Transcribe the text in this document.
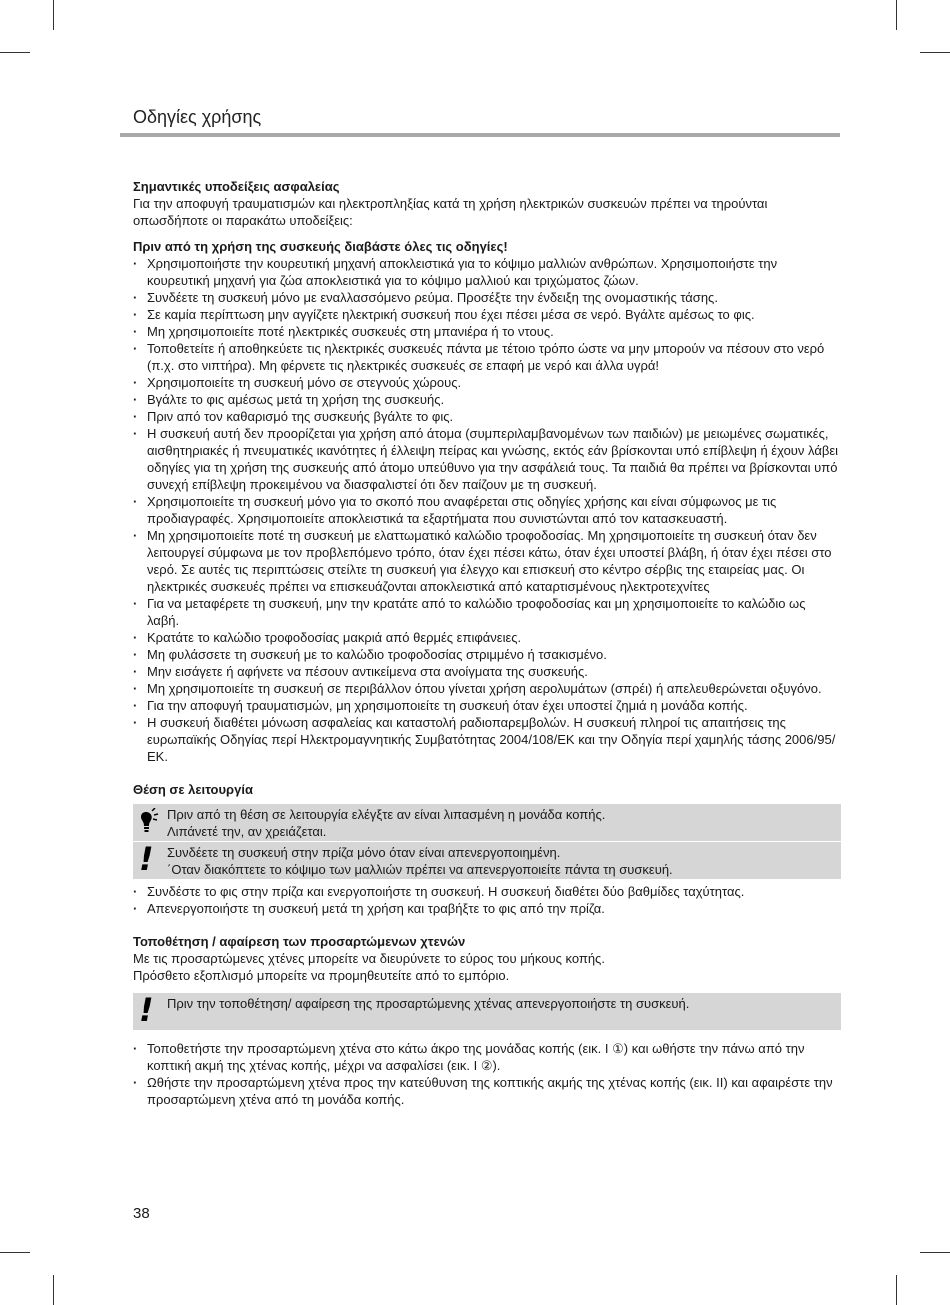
Οδηγίες χρήσης

Σημαντικές υποδείξεις ασφαλείας

Για την αποφυγή τραυματισμών και ηλεκτροπληξίας κατά τη χρήση ηλεκτρικών συσκευών πρέπει να τηρούνται οπωσδήποτε οι παρακάτω υποδείξεις:

Πριν από τη χρήση της συσκευής διαβάστε όλες τις οδηγίες!

· Χρησιμοποιήστε την κουρευτική μηχανή αποκλειστικά για το κόψιμο μαλλιών ανθρώπων. Χρησιμοποιήστε την κουρευτική μηχανή για ζώα αποκλειστικά για το κόψιμο μαλλιού και τριχώματος ζώων.
· Συνδέετε τη συσκευή μόνο με εναλλασσόμενο ρεύμα. Προσέξτε την ένδειξη της ονομαστικής τάσης.
· Σε καμία περίπτωση μην αγγίζετε ηλεκτρική συσκευή που έχει πέσει μέσα σε νερό. Βγάλτε αμέσως το φις.
· Μη χρησιμοποιείτε ποτέ ηλεκτρικές συσκευές στη μπανιέρα ή το ντους.
· Τοποθετείτε ή αποθηκεύετε τις ηλεκτρικές συσκευές πάντα με τέτοιο τρόπο ώστε να μην μπορούν να πέσουν στο νερό (π.χ. στο νιπτήρα). Μη φέρνετε τις ηλεκτρικές συσκευές σε επαφή με νερό και άλλα υγρά!
· Χρησιμοποιείτε τη συσκευή μόνο σε στεγνούς χώρους.
· Βγάλτε το φις αμέσως μετά τη χρήση της συσκευής.
· Πριν από τον καθαρισμό της συσκευής βγάλτε το φις.
· Η συσκευή αυτή δεν προορίζεται για χρήση από άτομα (συμπεριλαμβανομένων των παιδιών) με μειωμένες σωματικές, αισθητηριακές ή πνευματικές ικανότητες ή έλλειψη πείρας και γνώσης, εκτός εάν βρίσκονται υπό επίβλεψη ή έχουν λάβει οδηγίες για τη χρήση της συσκευής από άτομο υπεύθυνο για την ασφάλειά τους. Τα παιδιά θα πρέπει να βρίσκονται υπό συνεχή επίβλεψη προκειμένου να διασφαλιστεί ότι δεν παίζουν με τη συσκευή.
· Χρησιμοποιείτε τη συσκευή μόνο για το σκοπό που αναφέρεται στις οδηγίες χρήσης και είναι σύμφωνος με τις προδιαγραφές. Χρησιμοποιείτε αποκλειστικά τα εξαρτήματα που συνιστώνται από τον κατασκευαστή.
· Μη χρησιμοποιείτε ποτέ τη συσκευή με ελαττωματικό καλώδιο τροφοδοσίας. Μη χρησιμοποιείτε τη συσκευή όταν δεν λειτουργεί σύμφωνα με τον προβλεπόμενο τρόπο, όταν έχει πέσει κάτω, όταν έχει υποστεί βλάβη, ή όταν έχει πέσει στο νερό. Σε αυτές τις περιπτώσεις στείλτε τη συσκευή για έλεγχο και επισκευή στο κέντρο σέρβις της εταιρείας μας. Οι ηλεκτρικές συσκευές πρέπει να επισκευάζονται αποκλειστικά από καταρτισμένους ηλεκτροτεχνίτες
· Για να μεταφέρετε τη συσκευή, μην την κρατάτε από το καλώδιο τροφοδοσίας και μη χρησιμοποιείτε το καλώδιο ως λαβή.
· Κρατάτε το καλώδιο τροφοδοσίας μακριά από θερμές επιφάνειες.
· Μη φυλάσσετε τη συσκευή με το καλώδιο τροφοδοσίας στριμμένο ή τσακισμένο.
· Μην εισάγετε ή αφήνετε να πέσουν αντικείμενα στα ανοίγματα της συσκευής.
· Μη χρησιμοποιείτε τη συσκευή σε περιβάλλον όπου γίνεται χρήση αερολυμάτων (σπρέι) ή απελευθερώνεται οξυγόνο.
· Για την αποφυγή τραυματισμών, μη χρησιμοποιείτε τη συσκευή όταν έχει υποστεί ζημιά η μονάδα κοπής.
· Η συσκευή διαθέτει μόνωση ασφαλείας και καταστολή ραδιοπαρεμβολών. Η συσκευή πληροί τις απαιτήσεις της ευρωπαϊκής Οδηγίας περί Ηλεκτρομαγνητικής Συμβατότητας 2004/108/ΕΚ και την Οδηγία περί χαμηλής τάσης 2006/95/ΕΚ.

Θέση σε λειτουργία

Πριν από τη θέση σε λειτουργία ελέγξτε αν είναι λιπασμένη η μονάδα κοπής.

Λιπάνετέ την, αν χρειάζεται.

! Συνδέετε τη συσκευή στην πρίζα μόνο όταν είναι απενεργοποιημένη.

΄Οταν διακόπτετε το κόψιμο των μαλλιών πρέπει να απενεργοποιείτε πάντα τη συσκευή.

· Συνδέστε το φις στην πρίζα και ενεργοποιήστε τη συσκευή. Η συσκευή διαθέτει δύο βαθμίδες ταχύτητας.
· Απενεργοποιήστε τη συσκευή μετά τη χρήση και τραβήξτε το φις από την πρίζα.

Τοποθέτηση / αφαίρεση των προσαρτώμενων χτενών

Με τις προσαρτώμενες χτένες μπορείτε να διευρύνετε το εύρος του μήκους κοπής.

Πρόσθετο εξοπλισμό μπορείτε να προμηθευτείτε από το εμπόριο.

! Πριν την τοποθέτηση/ αφαίρεση της προσαρτώμενης χτένας απενεργοποιήστε τη συσκευή.

· Τοποθετήστε την προσαρτώμενη χτένα στο κάτω άκρο της μονάδας κοπής (εικ. I ①) και ωθήστε την πάνω από την κοπτική ακμή της χτένας κοπής, μέχρι να ασφαλίσει (εικ. I ②).
· Ωθήστε την προσαρτώμενη χτένα προς την κατεύθυνση της κοπτικής ακμής της χτένας κοπής (εικ. II) και αφαιρέστε την προσαρτώμενη χτένα από τη μονάδα κοπής.
38
